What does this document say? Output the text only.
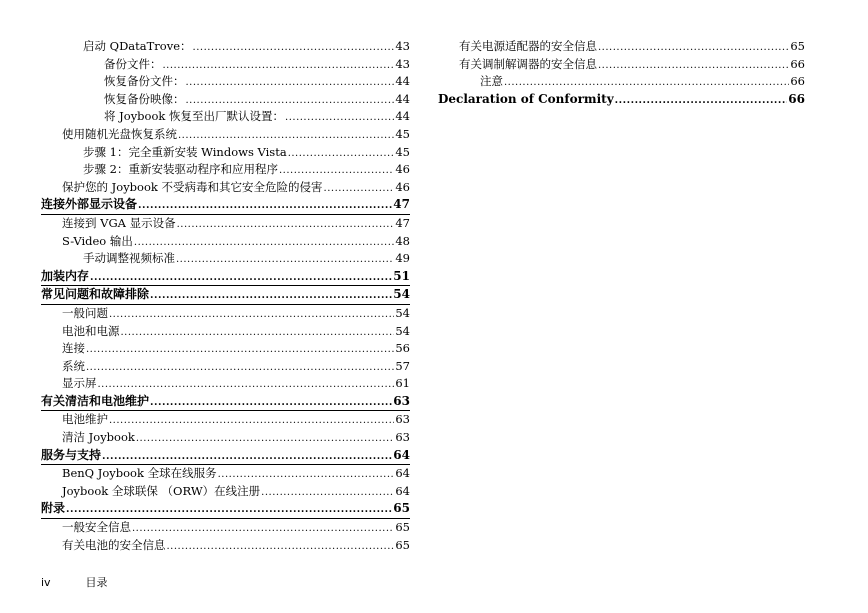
启动 QDataTrove： .....	43
备份文件： .....	43
恢复备份文件： .....	44
恢复备份映像： .....	44
将 Joybook 恢复至出厂默认设置： .....	44
使用随机光盘恢复系统 .....	45
步骤 1：完全重新安装 Windows Vista .....	45
步骤 2：重新安装驱动程序和应用程序 .....	46
保护您的 Joybook 不受病毒和其它安全危险的侵害 .....	46
连接外部显示设备 .....	47
连接到 VGA 显示设备 .....	47
S-Video 输出 .....	48
手动调整视频标准 .....	49
加装内存 .....	51
常见问题和故障排除 .....	54
一般问题 .....	54
电池和电源 .....	54
连接 .....	56
系统 .....	57
显示屏 .....	61
有关清洁和电池维护 .....	63
电池维护 .....	63
清洁 Joybook .....	63
服务与支持 .....	64
BenQ Joybook 全球在线服务 .....	64
Joybook 全球联保 （ORW）在线注册 .....	64
附录 .....	65
一般安全信息 .....	65
有关电池的安全信息 .....	65
有关电源适配器的安全信息 .....	65
有关调制解调器的安全信息 .....	66
注意 .....	66
Declaration of Conformity .....	66
iv	目录
